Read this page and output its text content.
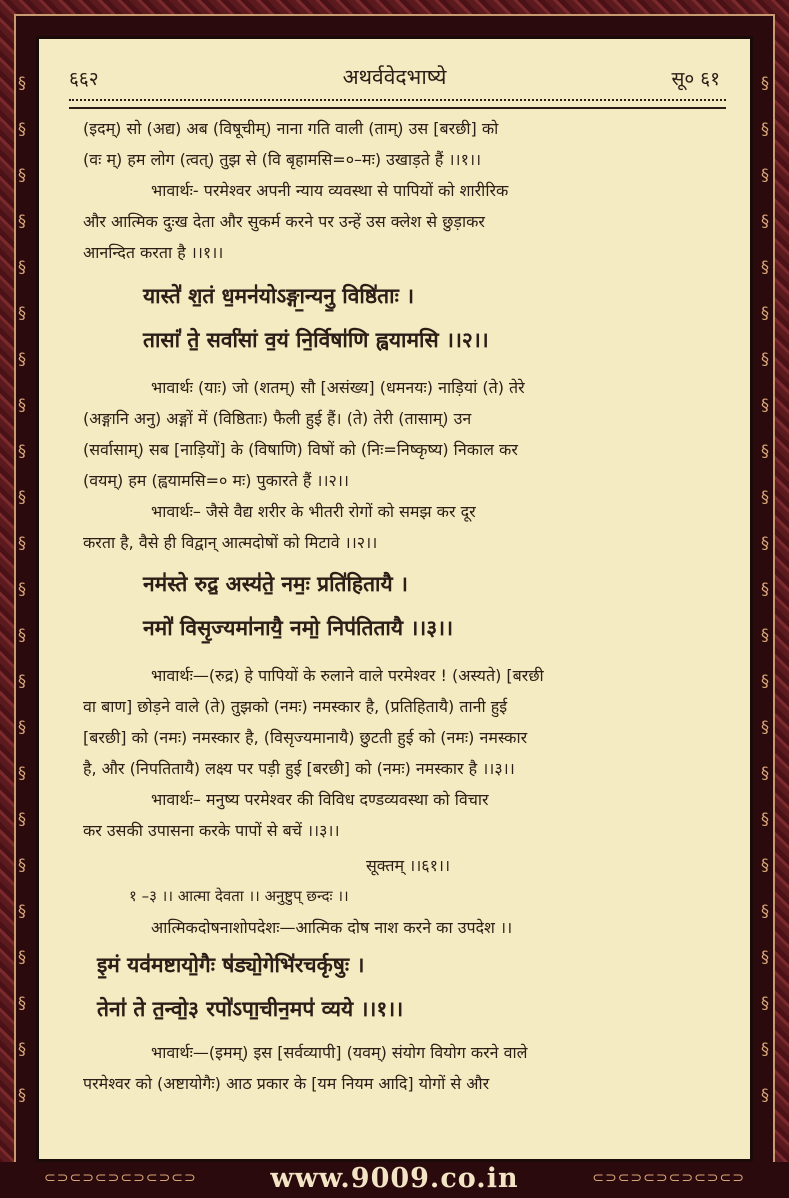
§
§
§
§
§
§
§
§
§
§
§
§
§
§
§
§
§
§
§
§
§
§
§
§
§
§
§
§
§
§
§
§
§
§
§
§
§
§
§
§
§
§
§
§
§
§
६६२	अथर्ववेदभाष्ये	सू० ६१

(इदम्) सो (अद्य) अब (विषूचीम्) नाना गति वाली (ताम्) उस [बरछी] को

(वः म्) हम लोग (त्वत्) तुझ से (वि बृहामसि=०–मः) उखाड़ते हैं ।।१।।

भावार्थः- परमेश्वर अपनी न्याय व्यवस्था से पापियों को शारीरिक

और आत्मिक दुःख देता और सुकर्म करने पर उन्हें उस क्लेश से छुड़ाकर

आनन्दित करता है ।।१।।

यास्ते॑ श॒तं ध॒मन॑योऽङ्गा॒न्यनु॒ विष्ठि॑ताः ।

तासां॑ ते॒ सर्वा॑सां व॒यं नि॒र्विषा॑णि ह्वयामसि ।।२।।

भावार्थः (याः) जो (शतम्) सौ [असंख्य] (धमनयः) नाड़ियां (ते) तेरे

(अङ्गानि अनु) अङ्गों में (विष्ठिताः) फैली हुई हैं। (ते) तेरी (तासाम्) उन

(सर्वासाम्) सब [नाड़ियों] के (विषाणि) विषों को (निः=निष्कृष्य) निकाल कर

(वयम्) हम (ह्वयामसि=० मः) पुकारते हैं ।।२।।

भावार्थः– जैसे वैद्य शरीर के भीतरी रोगों को समझ कर दूर

करता है, वैसे ही विद्वान् आत्मदोषों को मिटावे ।।२।।

नम॑स्ते रुद्र॒ अस्य॑ते॒ नमः॒ प्रति॑हितायै ।

नमो॑ विसृ॒ज्यमा॑नायै॒ नमो॒ निप॑तितायै ।।३।।

भावार्थः—(रुद्र) हे पापियों के रुलाने वाले परमेश्वर ! (अस्यते) [बरछी

वा बाण] छोड़ने वाले (ते) तुझको (नमः) नमस्कार है, (प्रतिहितायै) तानी हुई

[बरछी] को (नमः) नमस्कार है, (विसृज्यमानायै) छुटती हुई को (नमः) नमस्कार

है, और (निपतितायै) लक्ष्य पर पड़ी हुई [बरछी] को (नमः) नमस्कार है ।।३।।

भावार्थः– मनुष्य परमेश्वर की विविध दण्डव्यवस्था को विचार

कर उसकी उपासना करके पापों से बचें ।।३।।

सूक्तम् ।।६१।।

१ –३ ।। आत्मा देवता ।। अनुष्टुप् छन्दः ।।

आत्मिकदोषनाशोपदेशः—आत्मिक दोष नाश करने का उपदेश ।।

इ॒मं यव॑मष्टायो॒गैः ष॑ड्यो॒गेभि॑रचर्कृषुः ।

तेना॑ ते त॒न्वो॒३ रपो॑ऽपा॒चीन॒मप॑ व्यये ।।१।।

भावार्थः—(इमम्) इस [सर्वव्यापी] (यवम्) संयोग वियोग करने वाले

परमेश्वर को (अष्टायोगैः) आठ प्रकार के [यम नियम आदि] योगों से और

⊂⊃⊂⊃⊂⊃⊂⊃⊂⊃⊂⊃	⊂⊃⊂⊃⊂⊃⊂⊃⊂⊃⊂⊃
www.9009.co.in
